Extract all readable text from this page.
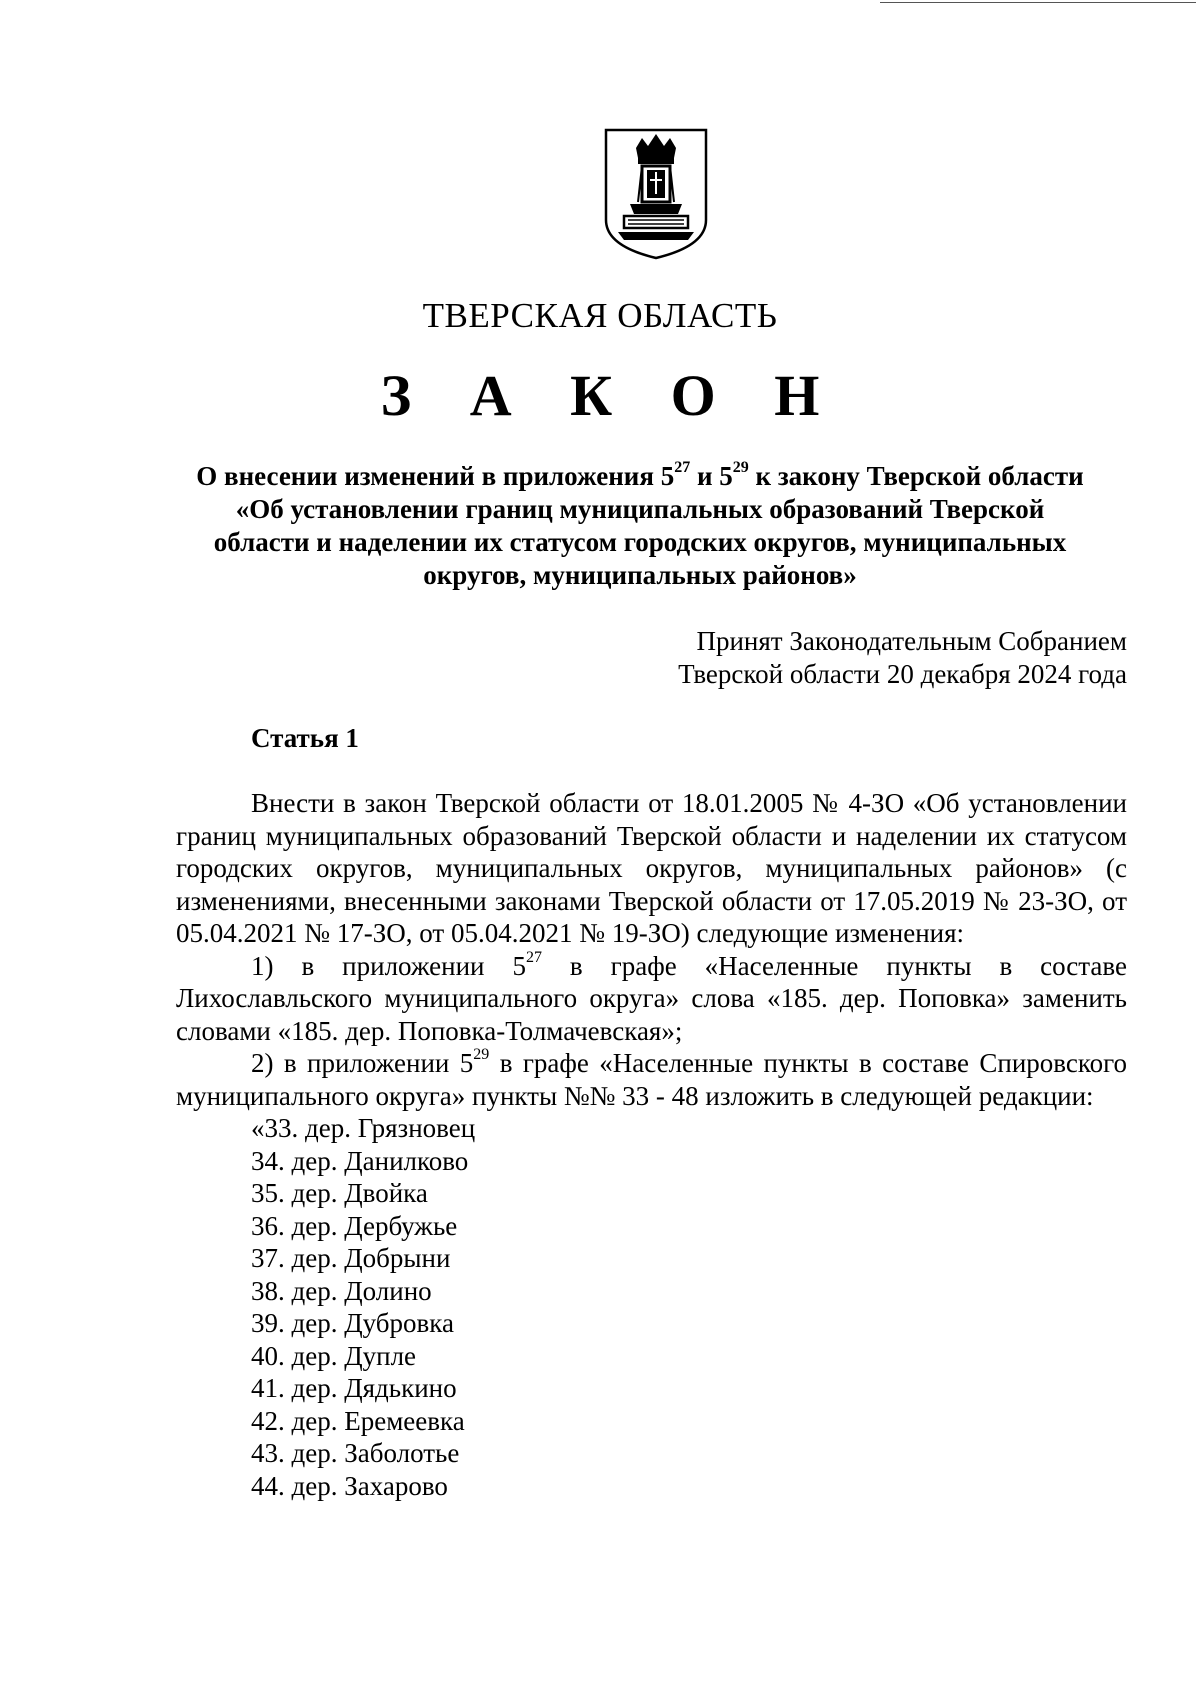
ТВЕРСКАЯ ОБЛАСТЬ
З А К О Н
О внесении изменений в приложения $5^{27}$ и $5^{29}$ к закону Тверской области
«Об установлении границ муниципальных образований Тверской
области и наделении их статусом городских округов, муниципальных
округов, муниципальных районов»
Принят Законодательным Собранием
Тверской области 20 декабря 2024 года
Статья 1

Внести в закон Тверской области от 18.01.2005 № 4-ЗО «Об установлении границ муниципальных образований Тверской области и наделении их статусом городских округов, муниципальных округов, муниципальных районов» (с изменениями, внесенными законами Тверской области от 17.05.2019 № 23-ЗО, от 05.04.2021 № 17-ЗО, от 05.04.2021 № 19-ЗО) следующие изменения:

1) в приложении $5^{27}$ в графе «Населенные пункты в составе Лихославльского муниципального округа» слова «185. дер. Поповка» заменить словами «185. дер. Поповка-Толмачевская»;

2) в приложении $5^{29}$ в графе «Населенные пункты в составе Спировского муниципального округа» пункты №№ 33 - 48 изложить в следующей редакции:

«33. дер. Грязновец
34. дер. Данилково
35. дер. Двойка
36. дер. Дербужье
37. дер. Добрыни
38. дер. Долино
39. дер. Дубровка
40. дер. Дупле
41. дер. Дядькино
42. дер. Еремеевка
43. дер. Заболотье
44. дер. Захарово
